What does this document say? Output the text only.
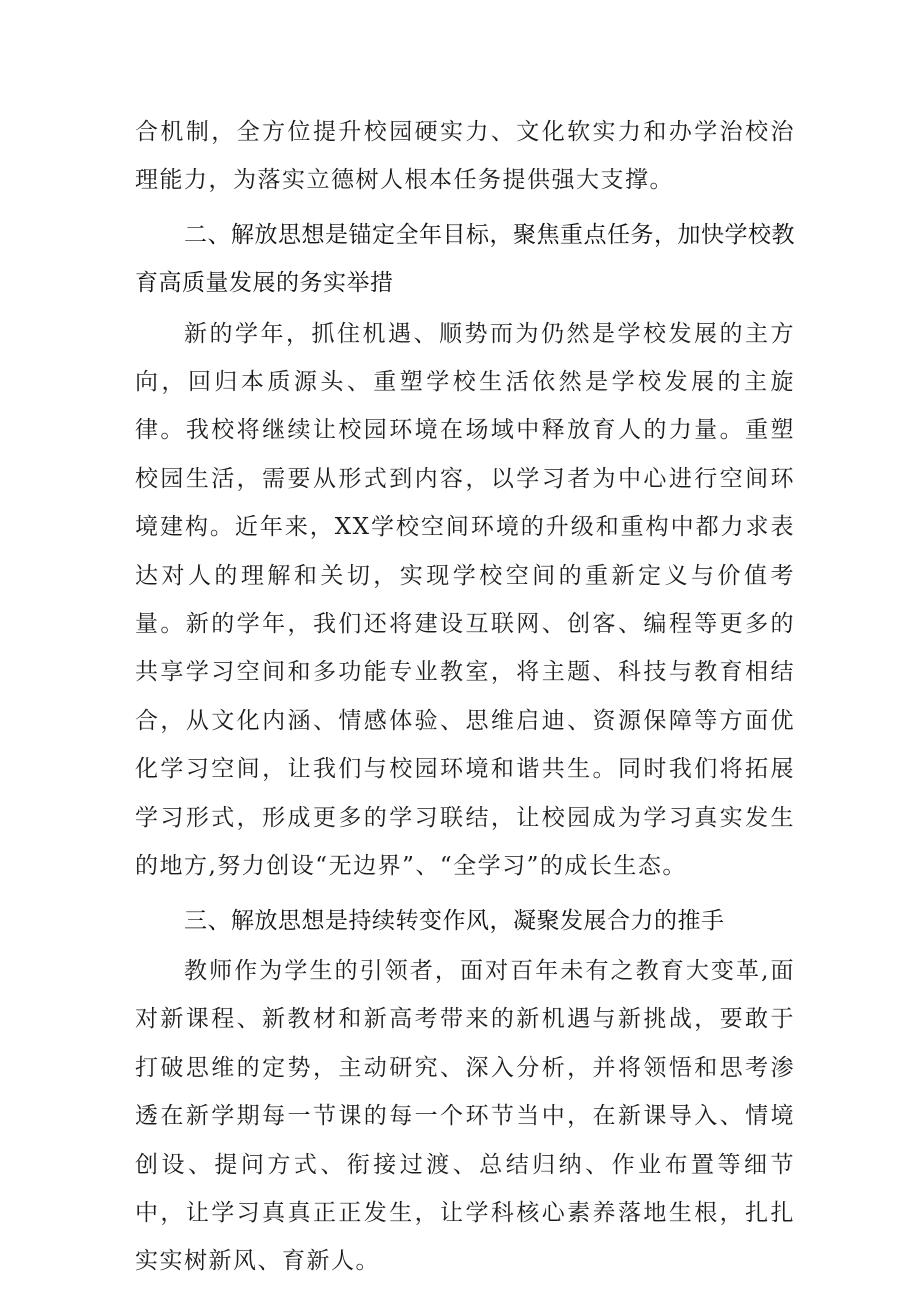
合机制，全方位提升校园硬实力、文化软实力和办学治校治理能力，为落实立德树人根本任务提供强大支撑。

二、解放思想是锚定全年目标，聚焦重点任务，加快学校教育高质量发展的务实举措

新的学年，抓住机遇、顺势而为仍然是学校发展的主方向，回归本质源头、重塑学校生活依然是学校发展的主旋律。我校将继续让校园环境在场域中释放育人的力量。重塑校园生活，需要从形式到内容，以学习者为中心进行空间环境建构。近年来，XX学校空间环境的升级和重构中都力求表达对人的理解和关切，实现学校空间的重新定义与价值考量。新的学年，我们还将建设互联网、创客、编程等更多的共享学习空间和多功能专业教室，将主题、科技与教育相结合，从文化内涵、情感体验、思维启迪、资源保障等方面优化学习空间，让我们与校园环境和谐共生。同时我们将拓展学习形式，形成更多的学习联结，让校园成为学习真实发生的地方,努力创设“无边界”、“全学习”的成长生态。

三、解放思想是持续转变作风，凝聚发展合力的推手

教师作为学生的引领者，面对百年未有之教育大变革,面对新课程、新教材和新高考带来的新机遇与新挑战，要敢于打破思维的定势，主动研究、深入分析，并将领悟和思考渗透在新学期每一节课的每一个环节当中，在新课导入、情境创设、提问方式、衔接过渡、总结归纳、作业布置等细节中，让学习真真正正发生，让学科核心素养落地生根，扎扎实实树新风、育新人。
